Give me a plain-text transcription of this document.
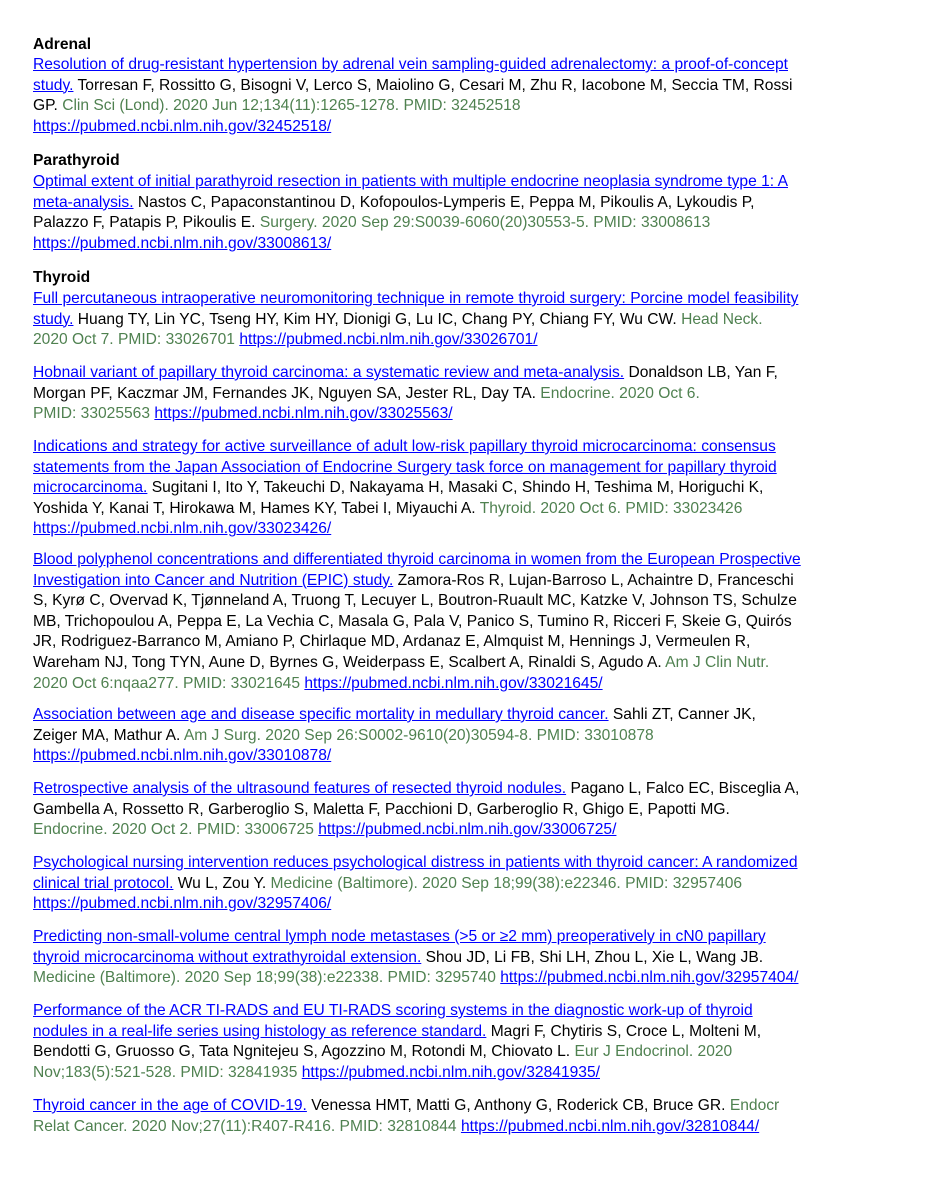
Adrenal
Resolution of drug-resistant hypertension by adrenal vein sampling-guided adrenalectomy: a proof-of-concept
study. Torresan F, Rossitto G, Bisogni V, Lerco S, Maiolino G, Cesari M, Zhu R, Iacobone M, Seccia TM, Rossi
GP. Clin Sci (Lond). 2020 Jun 12;134(11):1265-1278. PMID: 32452518
https://pubmed.ncbi.nlm.nih.gov/32452518/
Parathyroid
Optimal extent of initial parathyroid resection in patients with multiple endocrine neoplasia syndrome type 1: A
meta-analysis. Nastos C, Papaconstantinou D, Kofopoulos-Lymperis E, Peppa M, Pikoulis A, Lykoudis P,
Palazzo F, Patapis P, Pikoulis E. Surgery. 2020 Sep 29:S0039-6060(20)30553-5. PMID: 33008613
https://pubmed.ncbi.nlm.nih.gov/33008613/
Thyroid
Full percutaneous intraoperative neuromonitoring technique in remote thyroid surgery: Porcine model feasibility
study. Huang TY, Lin YC, Tseng HY, Kim HY, Dionigi G, Lu IC, Chang PY, Chiang FY, Wu CW. Head Neck.
2020 Oct 7. PMID: 33026701 https://pubmed.ncbi.nlm.nih.gov/33026701/
Hobnail variant of papillary thyroid carcinoma: a systematic review and meta-analysis. Donaldson LB, Yan F,
Morgan PF, Kaczmar JM, Fernandes JK, Nguyen SA, Jester RL, Day TA. Endocrine. 2020 Oct 6.
PMID: 33025563 https://pubmed.ncbi.nlm.nih.gov/33025563/
Indications and strategy for active surveillance of adult low-risk papillary thyroid microcarcinoma: consensus
statements from the Japan Association of Endocrine Surgery task force on management for papillary thyroid
microcarcinoma. Sugitani I, Ito Y, Takeuchi D, Nakayama H, Masaki C, Shindo H, Teshima M, Horiguchi K,
Yoshida Y, Kanai T, Hirokawa M, Hames KY, Tabei I, Miyauchi A. Thyroid. 2020 Oct 6. PMID: 33023426
https://pubmed.ncbi.nlm.nih.gov/33023426/
Blood polyphenol concentrations and differentiated thyroid carcinoma in women from the European Prospective
Investigation into Cancer and Nutrition (EPIC) study. Zamora-Ros R, Lujan-Barroso L, Achaintre D, Franceschi
S, Kyrø C, Overvad K, Tjønneland A, Truong T, Lecuyer L, Boutron-Ruault MC, Katzke V, Johnson TS, Schulze
MB, Trichopoulou A, Peppa E, La Vechia C, Masala G, Pala V, Panico S, Tumino R, Ricceri F, Skeie G, Quirós
JR, Rodriguez-Barranco M, Amiano P, Chirlaque MD, Ardanaz E, Almquist M, Hennings J, Vermeulen R,
Wareham NJ, Tong TYN, Aune D, Byrnes G, Weiderpass E, Scalbert A, Rinaldi S, Agudo A. Am J Clin Nutr.
2020 Oct 6:nqaa277. PMID: 33021645 https://pubmed.ncbi.nlm.nih.gov/33021645/
Association between age and disease specific mortality in medullary thyroid cancer. Sahli ZT, Canner JK,
Zeiger MA, Mathur A. Am J Surg. 2020 Sep 26:S0002-9610(20)30594-8. PMID: 33010878
https://pubmed.ncbi.nlm.nih.gov/33010878/
Retrospective analysis of the ultrasound features of resected thyroid nodules. Pagano L, Falco EC, Bisceglia A,
Gambella A, Rossetto R, Garberoglio S, Maletta F, Pacchioni D, Garberoglio R, Ghigo E, Papotti MG.
Endocrine. 2020 Oct 2. PMID: 33006725 https://pubmed.ncbi.nlm.nih.gov/33006725/
Psychological nursing intervention reduces psychological distress in patients with thyroid cancer: A randomized
clinical trial protocol. Wu L, Zou Y. Medicine (Baltimore). 2020 Sep 18;99(38):e22346. PMID: 32957406
https://pubmed.ncbi.nlm.nih.gov/32957406/
Predicting non-small-volume central lymph node metastases (>5 or ≥2 mm) preoperatively in cN0 papillary
thyroid microcarcinoma without extrathyroidal extension. Shou JD, Li FB, Shi LH, Zhou L, Xie L, Wang JB.
Medicine (Baltimore). 2020 Sep 18;99(38):e22338. PMID: 3295740 https://pubmed.ncbi.nlm.nih.gov/32957404/
Performance of the ACR TI-RADS and EU TI-RADS scoring systems in the diagnostic work-up of thyroid
nodules in a real-life series using histology as reference standard. Magri F, Chytiris S, Croce L, Molteni M,
Bendotti G, Gruosso G, Tata Ngnitejeu S, Agozzino M, Rotondi M, Chiovato L. Eur J Endocrinol. 2020
Nov;183(5):521-528. PMID: 32841935 https://pubmed.ncbi.nlm.nih.gov/32841935/
Thyroid cancer in the age of COVID-19. Venessa HMT, Matti G, Anthony G, Roderick CB, Bruce GR. Endocr
Relat Cancer. 2020 Nov;27(11):R407-R416. PMID: 32810844 https://pubmed.ncbi.nlm.nih.gov/32810844/
